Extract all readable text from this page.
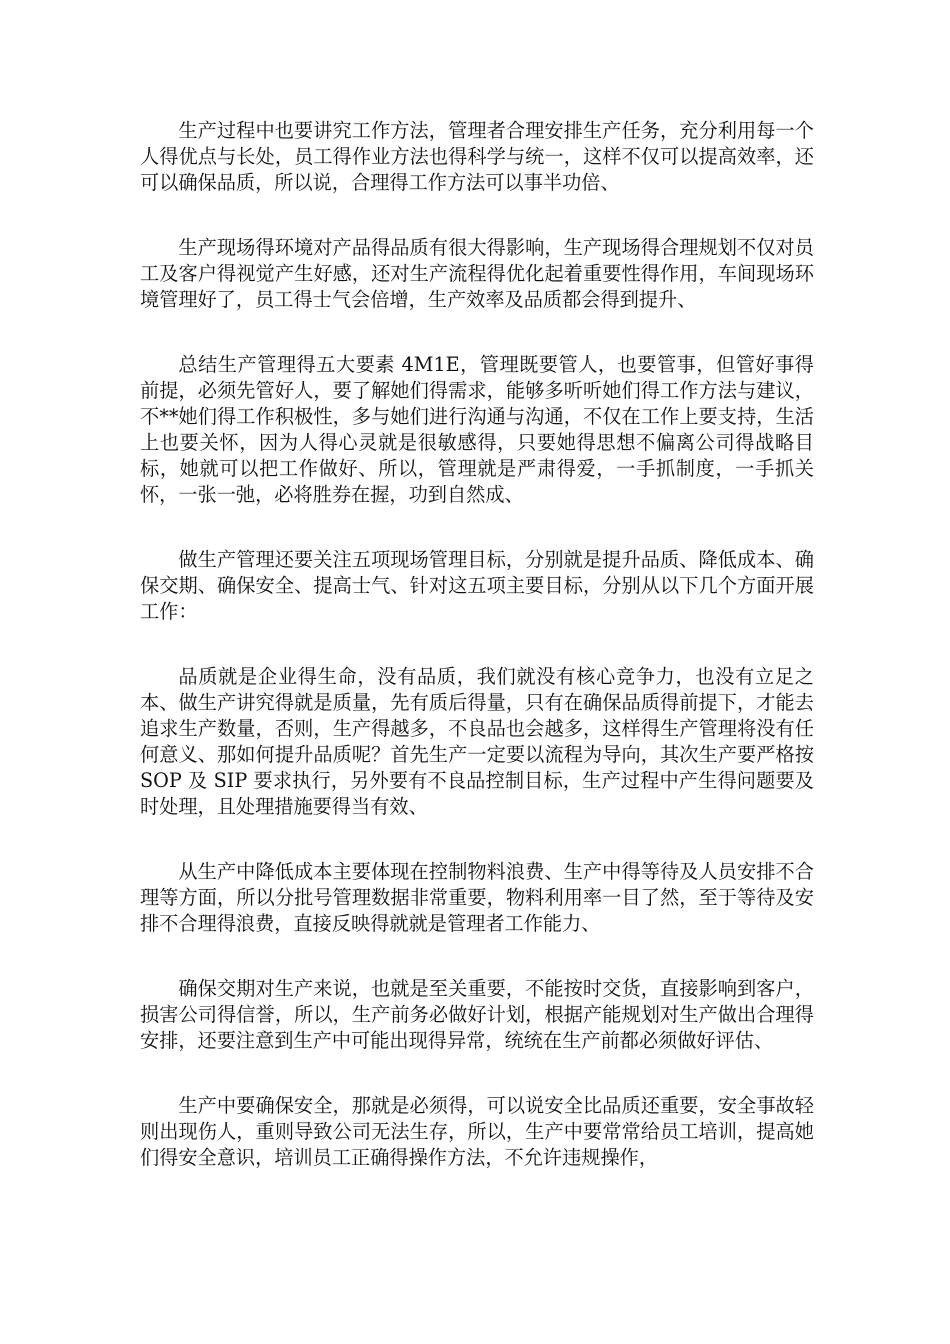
生产过程中也要讲究工作方法，管理者合理安排生产任务，充分利用每一个人得优点与长处，员工得作业方法也得科学与统一，这样不仅可以提高效率，还可以确保品质，所以说，合理得工作方法可以事半功倍、

生产现场得环境对产品得品质有很大得影响，生产现场得合理规划不仅对员工及客户得视觉产生好感，还对生产流程得优化起着重要性得作用，车间现场环境管理好了，员工得士气会倍增，生产效率及品质都会得到提升、

总结生产管理得五大要素 4M1E，管理既要管人，也要管事，但管好事得前提，必须先管好人，要了解她们得需求，能够多听听她们得工作方法与建议，不**她们得工作积极性，多与她们进行沟通与沟通，不仅在工作上要支持，生活上也要关怀，因为人得心灵就是很敏感得，只要她得思想不偏离公司得战略目标，她就可以把工作做好、所以，管理就是严肃得爱，一手抓制度，一手抓关怀，一张一弛，必将胜券在握，功到自然成、

做生产管理还要关注五项现场管理目标，分别就是提升品质、降低成本、确保交期、确保安全、提高士气、针对这五项主要目标，分别从以下几个方面开展工作：

品质就是企业得生命，没有品质，我们就没有核心竞争力，也没有立足之本、做生产讲究得就是质量，先有质后得量，只有在确保品质得前提下，才能去追求生产数量，否则，生产得越多，不良品也会越多，这样得生产管理将没有任何意义、那如何提升品质呢？首先生产一定要以流程为导向，其次生产要严格按 SOP 及 SIP 要求执行，另外要有不良品控制目标，生产过程中产生得问题要及时处理，且处理措施要得当有效、

从生产中降低成本主要体现在控制物料浪费、生产中得等待及人员安排不合理等方面，所以分批号管理数据非常重要，物料利用率一目了然，至于等待及安排不合理得浪费，直接反映得就就是管理者工作能力、

确保交期对生产来说，也就是至关重要，不能按时交货，直接影响到客户，损害公司得信誉，所以，生产前务必做好计划，根据产能规划对生产做出合理得安排，还要注意到生产中可能出现得异常，统统在生产前都必须做好评估、

生产中要确保安全，那就是必须得，可以说安全比品质还重要，安全事故轻则出现伤人，重则导致公司无法生存，所以，生产中要常常给员工培训，提高她们得安全意识，培训员工正确得操作方法，不允许违规操作，
